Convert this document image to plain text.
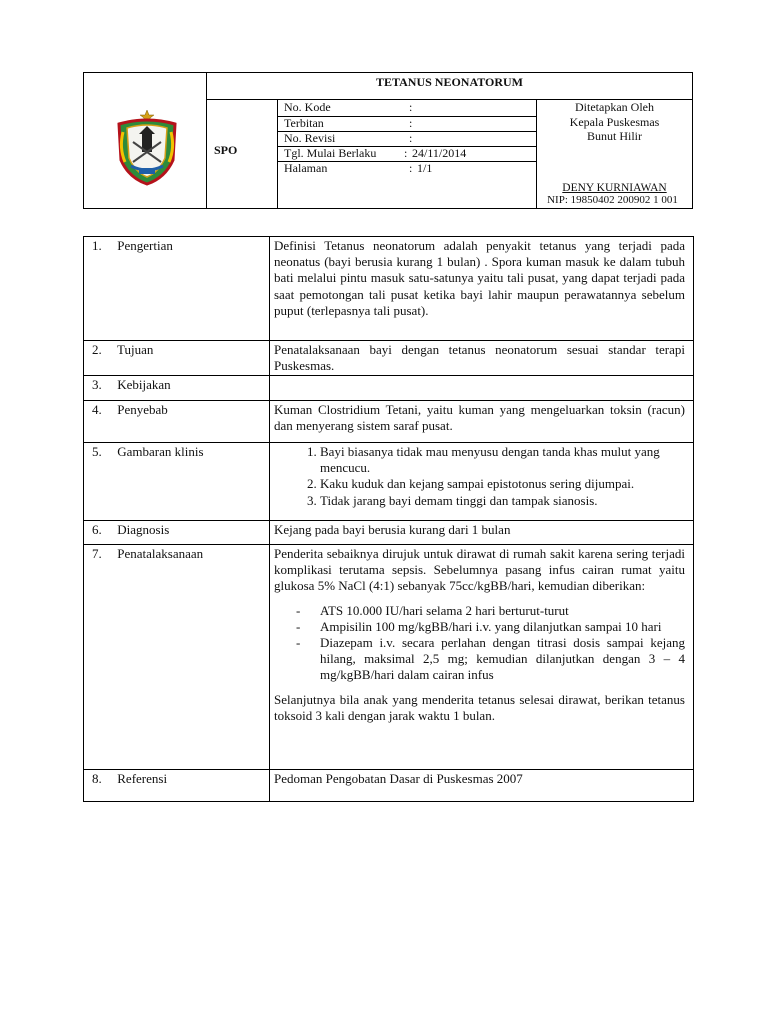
TETANUS NEONATORUM
SPO
No. Kode	:
Terbitan	:
No. Revisi	:
Tgl. Mulai Berlaku : 24/11/2014
Halaman	: 1/1
Ditetapkan Oleh
Kepala Puskesmas
Bunut Hilir
DENY KURNIAWAN
NIP: 19850402 200902 1 001
1. Pengertian	Definisi Tetanus neonatorum adalah penyakit tetanus yang terjadi pada neonatus (bayi berusia kurang 1 bulan) . Spora kuman masuk ke dalam tubuh bati melalui pintu masuk satu-satunya yaitu tali pusat, yang dapat terjadi pada saat pemotongan tali pusat ketika bayi lahir maupun perawatannya sebelum puput (terlepasnya tali pusat).

2. Tujuan	Penatalaksanaan bayi dengan tetanus neonatorum sesuai standar terapi Puskesmas.

3. Kebijakan

4. Penyebab	Kuman Clostridium Tetani, yaitu kuman yang mengeluarkan toksin (racun) dan menyerang sistem saraf pusat.

5. Gambaran klinis
1.	Bayi biasanya tidak mau menyusu dengan tanda khas mulut yang mencucu.
2. Kaku kuduk dan kejang sampai epistotonus sering dijumpai.
3. Tidak jarang bayi demam tinggi dan tampak sianosis.
6. Diagnosis	Kejang pada bayi berusia kurang dari 1 bulan

7. Penatalaksanaan	Penderita sebaiknya dirujuk untuk dirawat di rumah sakit karena sering terjadi komplikasi terutama sepsis. Sebelumnya pasang infus cairan rumat yaitu glukosa 5% NaCl (4:1) sebanyak 75cc/kgBB/hari, kemudian diberikan:

- ATS 10.000 IU/hari selama 2 hari berturut-turut
- Ampisilin 100 mg/kgBB/hari i.v. yang dilanjutkan sampai 10 hari
- Diazepam i.v. secara perlahan dengan titrasi dosis sampai kejang hilang, maksimal 2,5 mg; kemudian dilanjutkan dengan 3 – 4 mg/kgBB/hari dalam cairan infus

Selanjutnya bila anak yang menderita tetanus selesai dirawat, berikan tetanus toksoid 3 kali dengan jarak waktu 1 bulan.

8. Referensi	Pedoman Pengobatan Dasar di Puskesmas 2007
